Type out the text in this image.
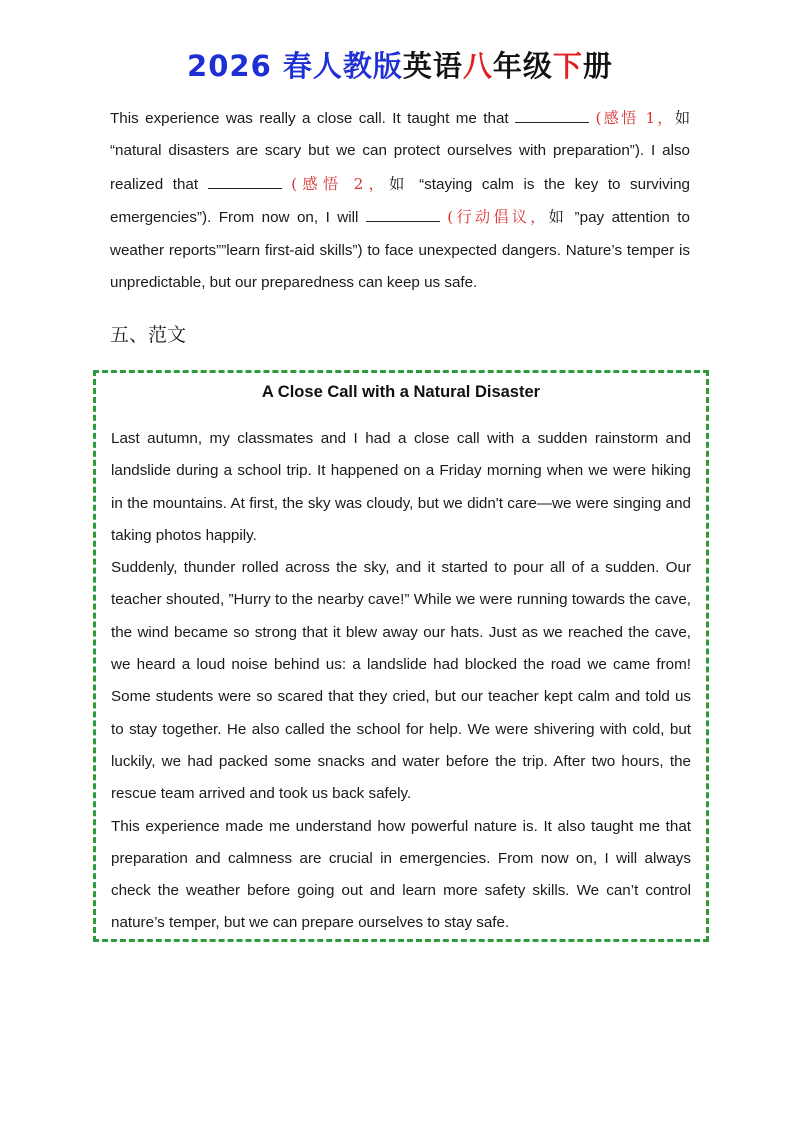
2026 春人教版英语八年级下册
This experience was really a close call. It taught me that	(感悟 1，如 “natural disasters are scary but we can protect ourselves with preparation”). I also realized that	(感悟 2，如 “staying calm is the key to surviving emergencies”). From now on, I will	(行动倡议，如 ”pay attention to weather reports””learn first-aid skills”) to face unexpected dangers. Nature’s temper is unpredictable, but our preparedness can keep us safe.
五、范文
A Close Call with a Natural Disaster

Last autumn, my classmates and I had a close call with a sudden rainstorm and landslide during a school trip. It happened on a Friday morning when we were hiking in the mountains. At first, the sky was cloudy, but we didn't care—we were singing and taking photos happily.

Suddenly, thunder rolled across the sky, and it started to pour all of a sudden. Our teacher shouted, ”Hurry to the nearby cave!” While we were running towards the cave, the wind became so strong that it blew away our hats. Just as we reached the cave, we heard a loud noise behind us: a landslide had blocked the road we came from! Some students were so scared that they cried, but our teacher kept calm and told us to stay together. He also called the school for help. We were shivering with cold, but luckily, we had packed some snacks and water before the trip. After two hours, the rescue team arrived and took us back safely.

This experience made me understand how powerful nature is. It also taught me that preparation and calmness are crucial in emergencies. From now on, I will always check the weather before going out and learn more safety skills. We can’t control nature’s temper, but we can prepare ourselves to stay safe.
